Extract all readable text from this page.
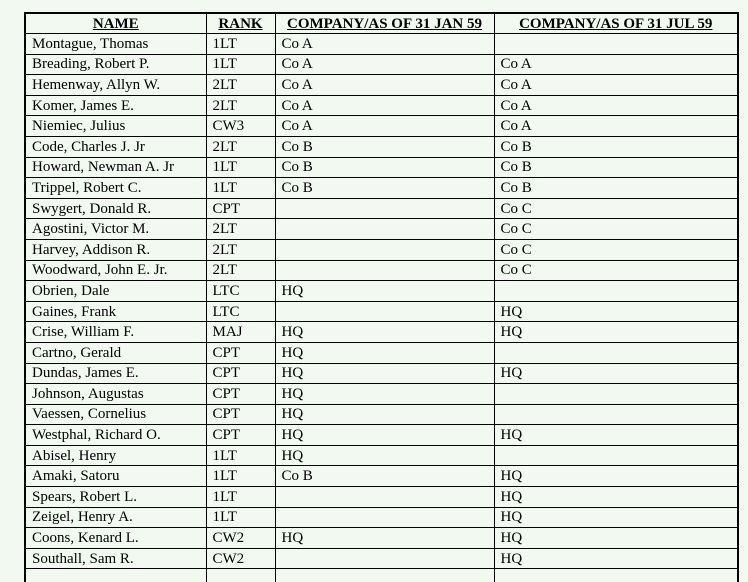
NAME	RANK	COMPANY/AS OF 31 JAN 59	COMPANY/AS OF 31 JUL 59
Montague, Thomas	1LT	Co A	
Breading, Robert P.	1LT	Co A	Co A
Hemenway, Allyn W.	2LT	Co A	Co A
Komer, James E.	2LT	Co A	Co A
Niemiec, Julius	CW3	Co A	Co A
Code, Charles J. Jr	2LT	Co B	Co B
Howard, Newman A. Jr	1LT	Co B	Co B
Trippel, Robert C.	1LT	Co B	Co B
Swygert, Donald R.	CPT		Co C
Agostini, Victor M.	2LT		Co C
Harvey, Addison R.	2LT		Co C
Woodward, John E. Jr.	2LT		Co C
Obrien, Dale	LTC	HQ	
Gaines, Frank	LTC		HQ
Crise, William F.	MAJ	HQ	HQ
Cartno, Gerald	CPT	HQ	
Dundas, James E.	CPT	HQ	HQ
Johnson, Augustas	CPT	HQ	
Vaessen, Cornelius	CPT	HQ	
Westphal, Richard O.	CPT	HQ	HQ
Abisel, Henry	1LT	HQ	
Amaki, Satoru	1LT	Co B	HQ
Spears, Robert L.	1LT		HQ
Zeigel, Henry A.	1LT		HQ
Coons, Kenard L.	CW2	HQ	HQ
Southall, Sam R.	CW2		HQ
